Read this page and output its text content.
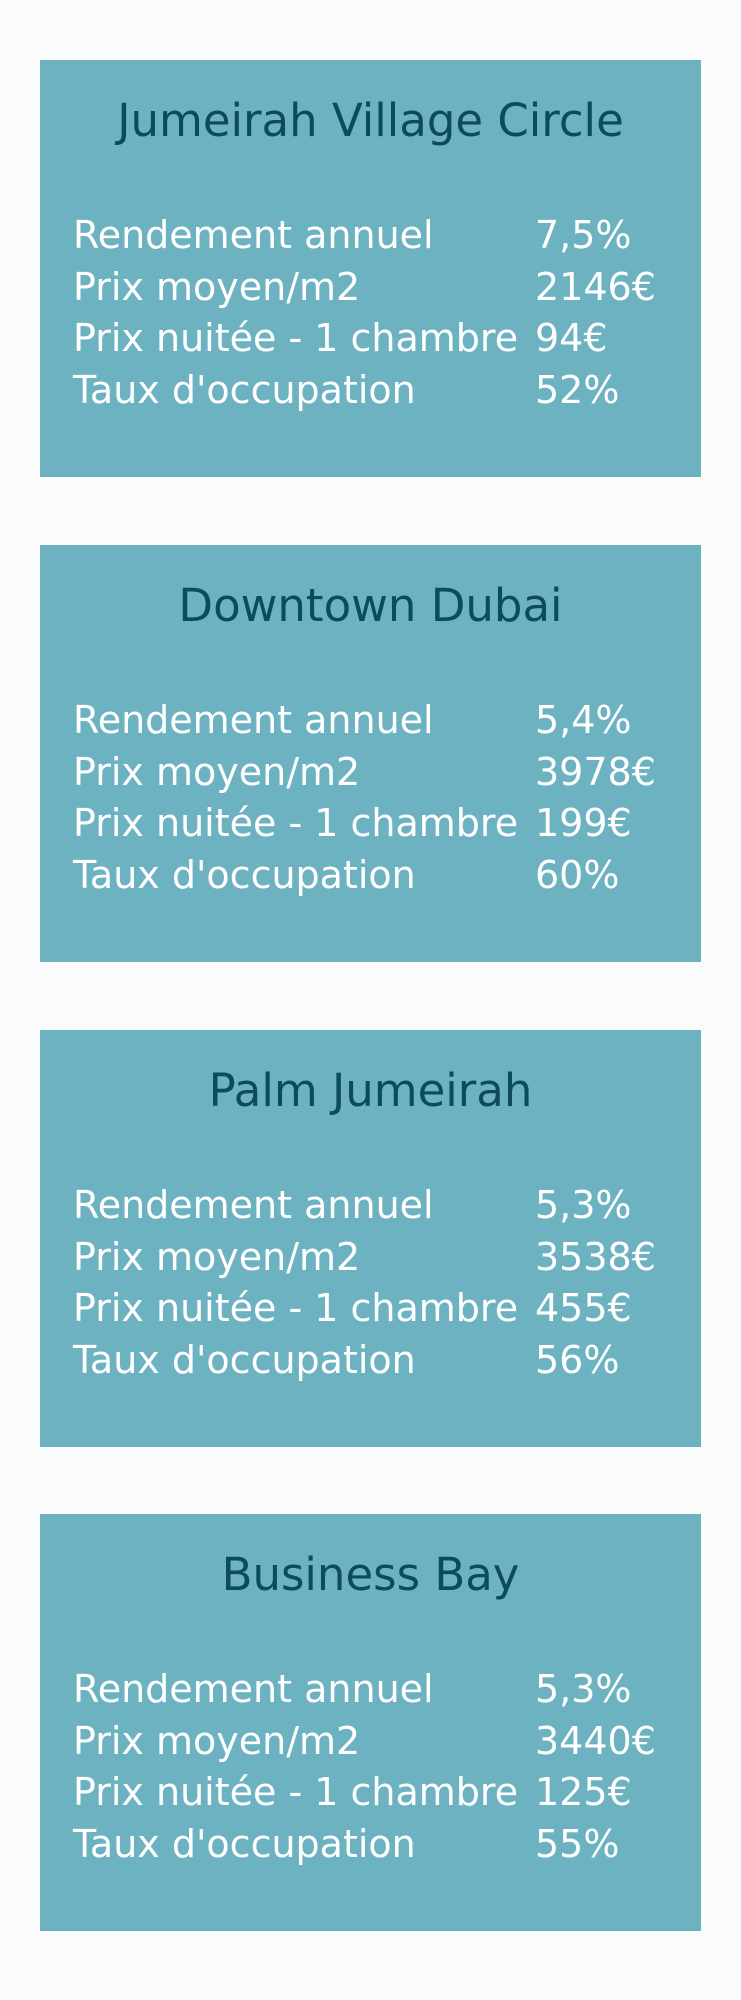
Jumeirah Village Circle
Rendement annuel	7,5%
Prix moyen/m2	2146€
Prix nuitée - 1 chambre 94€
Taux d'occupation	52%
Downtown Dubai
Rendement annuel	5,4%
Prix moyen/m2	3978€
Prix nuitée - 1 chambre 199€
Taux d'occupation	60%
Palm Jumeirah
Rendement annuel	5,3%
Prix moyen/m2	3538€
Prix nuitée - 1 chambre 455€
Taux d'occupation	56%
Business Bay
Rendement annuel	5,3%
Prix moyen/m2	3440€
Prix nuitée - 1 chambre 125€
Taux d'occupation	55%
